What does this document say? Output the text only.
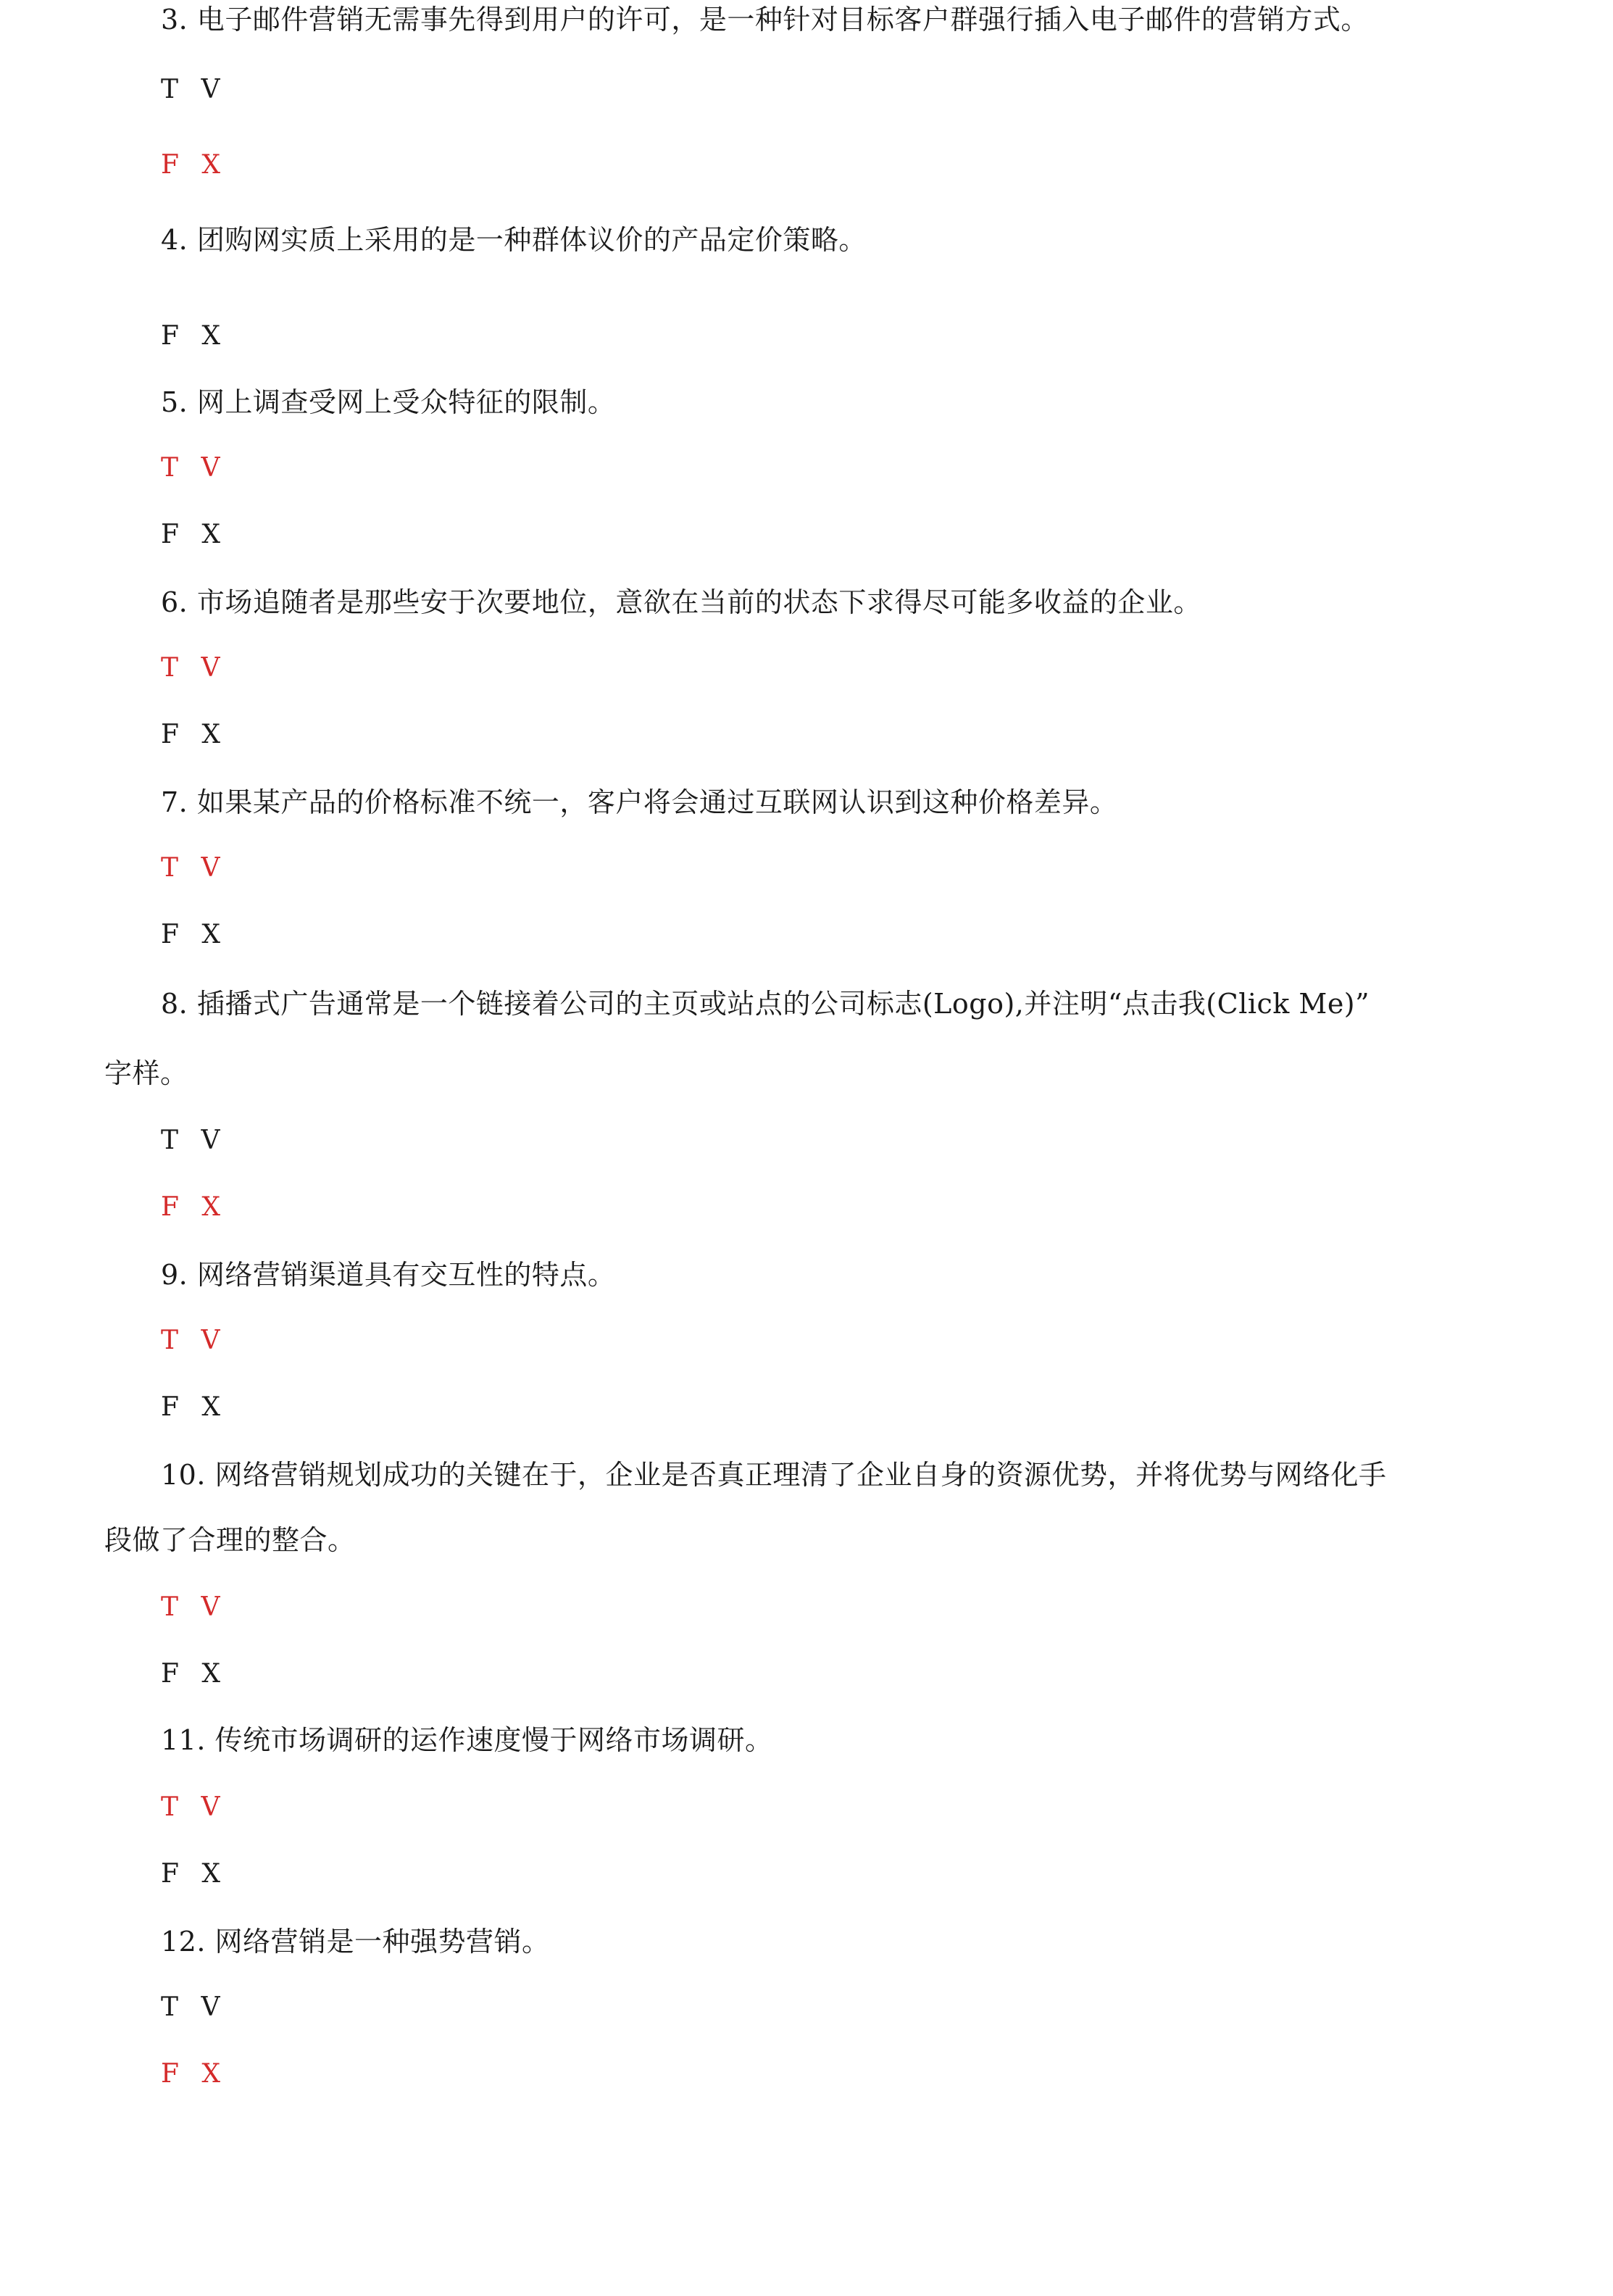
3. 电子邮件营销无需事先得到用户的许可，是一种针对目标客户群强行插入电子邮件的营销方式。
T V
F X
4. 团购网实质上采用的是一种群体议价的产品定价策略。
F X
5. 网上调查受网上受众特征的限制。
T V
F X
6. 市场追随者是那些安于次要地位，意欲在当前的状态下求得尽可能多收益的企业。
T V
F X
7. 如果某产品的价格标准不统一，客户将会通过互联网认识到这种价格差异。
T V
F X
8. 插播式广告通常是一个链接着公司的主页或站点的公司标志(Logo),并注明“点击我(Click Me)”
字样。
T V
F X
9. 网络营销渠道具有交互性的特点。
T V
F X
10. 网络营销规划成功的关键在于，企业是否真正理清了企业自身的资源优势，并将优势与网络化手
段做了合理的整合。
T V
F X
11. 传统市场调研的运作速度慢于网络市场调研。
T V
F X
12. 网络营销是一种强势营销。
T V
F X
